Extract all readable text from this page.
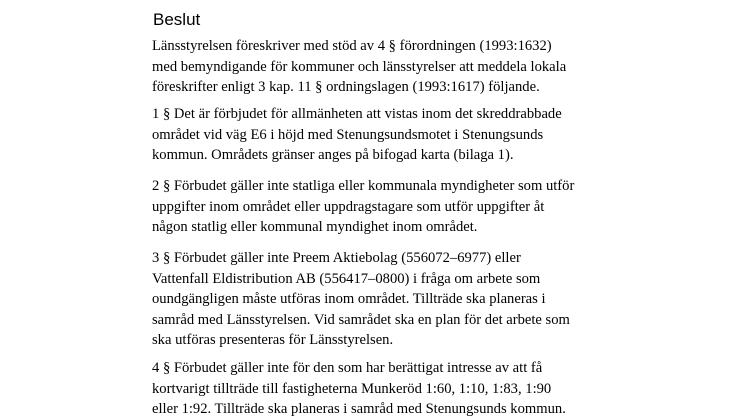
Beslut

Länsstyrelsen föreskriver med stöd av 4 § förordningen (1993:1632)
med bemyndigande för kommuner och länsstyrelser att meddela lokala
föreskrifter enligt 3 kap. 11 § ordningslagen (1993:1617) följande.

1 § Det är förbjudet för allmänheten att vistas inom det skreddrabbade
området vid väg E6 i höjd med Stenungsundsmotet i Stenungsunds
kommun. Områdets gränser anges på bifogad karta (bilaga 1).

2 § Förbudet gäller inte statliga eller kommunala myndigheter som utför
uppgifter inom området eller uppdragstagare som utför uppgifter åt
någon statlig eller kommunal myndighet inom området.

3 § Förbudet gäller inte Preem Aktiebolag (556072–6977) eller
Vattenfall Eldistribution AB (556417–0800) i fråga om arbete som
oundgängligen måste utföras inom området. Tillträde ska planeras i
samråd med Länsstyrelsen. Vid samrådet ska en plan för det arbete som
ska utföras presenteras för Länsstyrelsen.

4 § Förbudet gäller inte för den som har berättigat intresse av att få
kortvarigt tillträde till fastigheterna Munkeröd 1:60, 1:10, 1:83, 1:90
eller 1:92. Tillträde ska planeras i samråd med Stenungsunds kommun.
